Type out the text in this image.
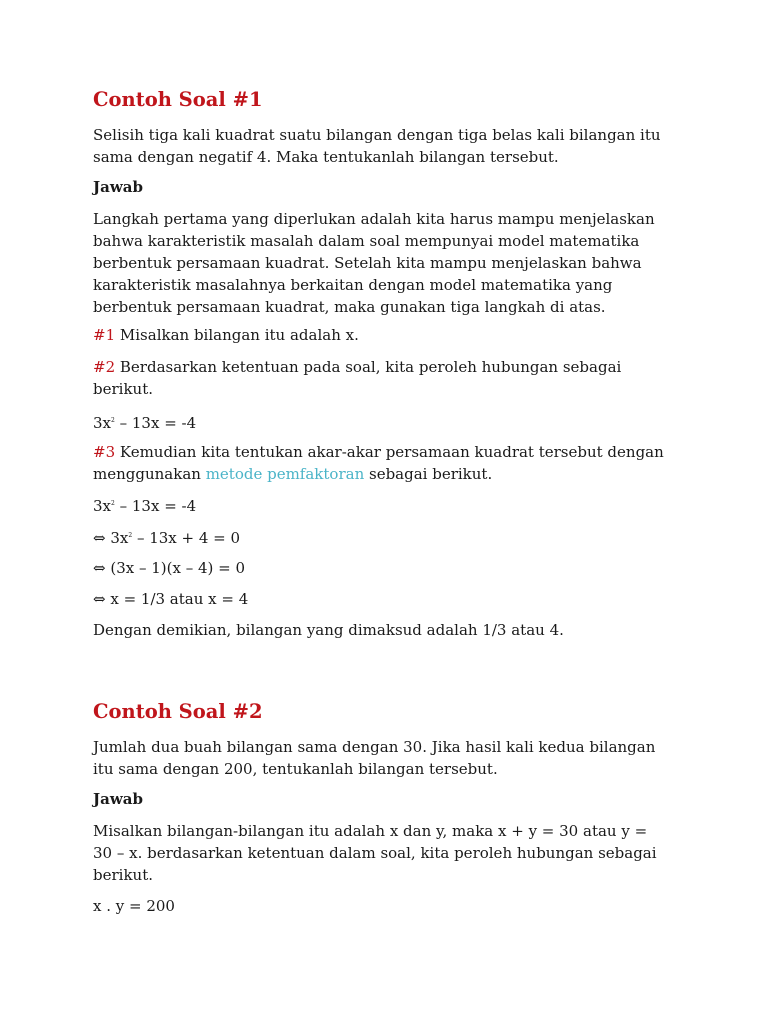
Contoh Soal #1

Selisih tiga kali kuadrat suatu bilangan dengan tiga belas kali bilangan itu
sama dengan negatif 4. Maka tentukanlah bilangan tersebut.

Jawab

Langkah pertama yang diperlukan adalah kita harus mampu menjelaskan
bahwa karakteristik masalah dalam soal mempunyai model matematika
berbentuk persamaan kuadrat. Setelah kita mampu menjelaskan bahwa
karakteristik masalahnya berkaitan dengan model matematika yang
berbentuk persamaan kuadrat, maka gunakan tiga langkah di atas.

#1 Misalkan bilangan itu adalah x.

#2 Berdasarkan ketentuan pada soal, kita peroleh hubungan sebagai
berikut.

$3x^2 - 13x = -4$

#3 Kemudian kita tentukan akar-akar persamaan kuadrat tersebut dengan
menggunakan metode pemfaktoran sebagai berikut.

$3x^2 - 13x = -4$

⇔ $3x^2 - 13x + 4 = 0$

⇔ (3x – 1)(x – 4) = 0

⇔ x = 1/3 atau x = 4

Dengan demikian, bilangan yang dimaksud adalah 1/3 atau 4.

Contoh Soal #2

Jumlah dua buah bilangan sama dengan 30. Jika hasil kali kedua bilangan
itu sama dengan 200, tentukanlah bilangan tersebut.

Jawab

Misalkan bilangan-bilangan itu adalah x dan y, maka x + y = 30 atau y =
30 – x. berdasarkan ketentuan dalam soal, kita peroleh hubungan sebagai
berikut.

x . y = 200
